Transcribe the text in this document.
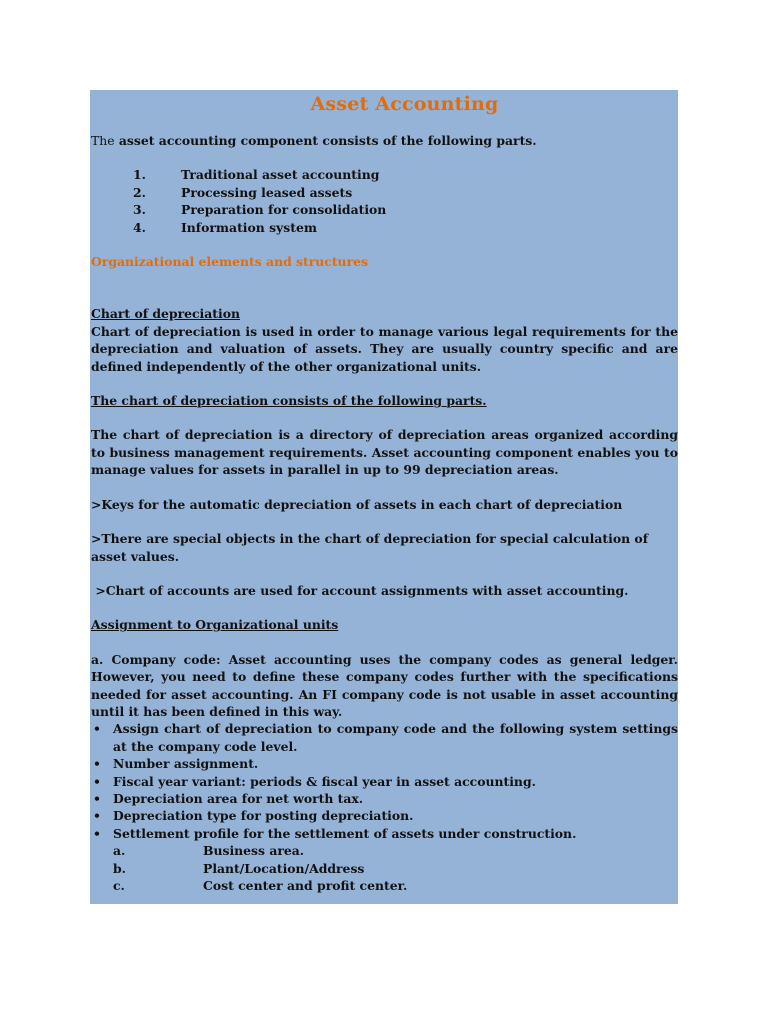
Asset Accounting

The asset accounting component consists of the following parts.

1.	Traditional asset accounting
2.	Processing leased assets
3.	Preparation for consolidation
4.	Information system

Organizational elements and structures

Chart of depreciation

Chart of depreciation is used in order to manage various legal requirements for the depreciation and valuation of assets. They are usually country specific and are defined independently of the other organizational units.

The chart of depreciation consists of the following parts.

The chart of depreciation is a directory of depreciation areas organized according to business management requirements. Asset accounting component enables you to manage values for assets in parallel in up to 99 depreciation areas.

>Keys for the automatic depreciation of assets in each chart of depreciation

>There are special objects in the chart of depreciation for special calculation of asset values.

>Chart of accounts are used for account assignments with asset accounting.

Assignment to Organizational units

a. Company code: Asset accounting uses the company codes as general ledger. However, you need to define these company codes further with the specifications needed for asset accounting. An FI company code is not usable in asset accounting until it has been defined in this way.

• Assign chart of depreciation to company code and the following system settings at the company code level.
• Number assignment.
• Fiscal year variant: periods & fiscal year in asset accounting.
• Depreciation area for net worth tax.
• Depreciation type for posting depreciation.
• Settlement profile for the settlement of assets under construction.
a.	Business area.
b.	Plant/Location/Address
c.	Cost center and profit center.
